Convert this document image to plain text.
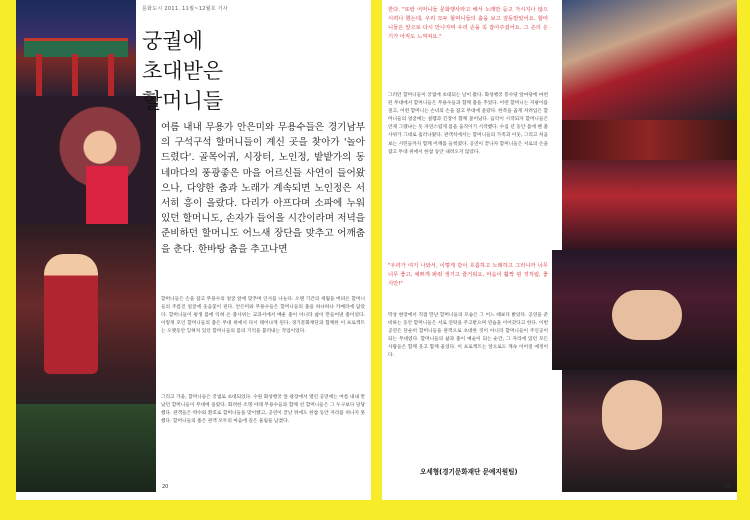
문화도시 2011. 11월~12월호 기사
궁궐에
초대받은
할머니들
여름 내내 무용가 안은미와 무용수들은 경기남부의 구석구석 할머니들이 계신 곳을 찾아가 '놀아드렸다'. 골목어귀, 시장터, 노인정, 밭밭가의 동네마다의 풍광좋은 마을 어르신들 사연이 들어왔으나, 다양한 춤과 노래가 계속되면 노인정은 서서히 흥이 올랐다. 다리가 아프다며 소파에 누워있던 할머니도, 손자가 들어올 시간이라며 저녁을 준비하던 할머니도 어느새 장단을 맞추고 어깨춤을 춘다. 한바탕 춤을 추고나면
할머니들은 손을 잡고 무용수의 얼굴 앞에 맞추며 인사를 나눈다. 오랜 기간의 세월을 버텨온 할머니들의 주름진 얼굴에 웃음꽃이 핀다. 안은미와 무용수들은 할머니들의 춤을 하나하나 카메라에 담았다. 할머니들이 평생 몸에 익혀 온 춤사위는 교과서에서 배운 춤이 아니라 삶이 만들어낸 춤이었다. 이렇게 모인 할머니들의 춤은 무대 위에서 다시 태어나게 된다. 경기문화재단과 함께한 이 프로젝트는 오랫동안 잊혀져 있던 할머니들의 몸의 기억을 불러내는 작업이었다.
그리고 가을, 할머니들은 궁궐로 초대되었다. 수원 화성행궁 앞 광장에서 열린 공연에는 여름 내내 만났던 할머니들이 무대에 올랐다. 화려한 조명 아래 무용수들과 함께 선 할머니들은 그 누구보다 당당했다. 관객들은 박수와 환호로 할머니들을 맞이했고, 공연이 끝난 뒤에도 한참 동안 자리를 떠나지 못했다. 할머니들의 춤은 관객 모두의 마음에 깊은 울림을 남겼다.
20
한다. "또랑 어머니들 문화행사라고 해서 노래만 듣고 가시지나 않으시려나 했는데, 우리 모두 할머니들의 춤을 보고 감동받았어요. 할머니들은 앞으로 다시 만나자며 우리 손을 꼭 잡아주셨어요. 그 손의 온기가 아직도 느껴져요."
그러던 할머니들이 궁궐에 초대되는 날이 왔다. 화성행궁 봉수당 앞마당에 마련된 무대에서 할머니들은 무용수들과 함께 춤을 추었다. 어떤 할머니는 지팡이를 짚고, 어떤 할머니는 손녀의 손을 잡고 무대에 올랐다. 한복을 곱게 차려입은 할머니들의 얼굴에는 설렘과 긴장이 함께 묻어났다. 음악이 시작되자 할머니들은 언제 그랬냐는 듯 자연스럽게 몸을 움직이기 시작했다. 수십 년 동안 몸에 밴 춤사위가 그대로 흘러나왔다. 관객석에서는 할머니들의 가족과 이웃, 그리고 처음 보는 시민들까지 함께 어깨를 들썩였다. 공연이 끝나자 할머니들은 서로의 손을 잡고 무대 위에서 한참 동안 내려오지 않았다.
"우리가 여기 나와서, 이렇게 같이 흐름하고 노래하고 그러니까 너무너무 좋고, 예쁘게 봐줘 생기고 즐거워요, 마음이 활짝 핀 것처럼, 좋지만!"
막상 현장에서 직접 만난 할머니들의 모습은 그 어느 때보다 밝았다. 공연을 준비하는 동안 할머니들은 서로 연락을 주고받으며 연습을 이어갔다고 한다. 이번 공연은 단순히 할머니들을 관객으로 초대한 것이 아니라 할머니들이 주인공이 되는 무대였다. 할머니들의 삶과 춤이 예술이 되는 순간, 그 자리에 있던 모든 사람들은 함께 웃고 함께 울었다. 이 프로젝트는 앞으로도 계속 이어질 예정이다.
오세형(경기문화재단 문예지원팀)
21
